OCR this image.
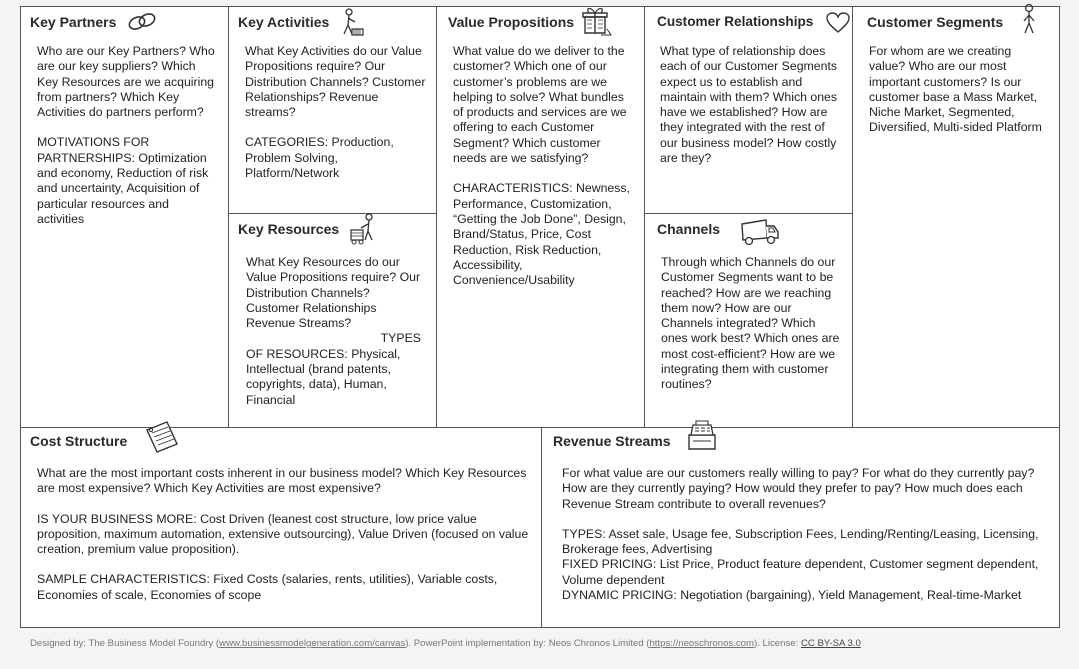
Key Partners

Who are our Key Partners? Who are our key suppliers? Which Key Resources are we acquiring from partners? Which Key Activities do partners perform?

MOTIVATIONS FOR PARTNERSHIPS: Optimization and economy, Reduction of risk and uncertainty, Acquisition of particular resources and activities

Key Activities

What Key Activities do our Value Propositions require? Our Distribution Channels? Customer Relationships? Revenue streams?

CATEGORIES: Production, Problem Solving, Platform/Network

Key Resources
What Key Resources do our Value Propositions require? Our Distribution Channels? Customer Relationships Revenue Streams?
TYPES
OF RESOURCES: Physical, Intellectual (brand patents, copyrights, data), Human, Financial
Value Propositions

What value do we deliver to the customer? Which one of our customer’s problems are we helping to solve? What bundles of products and services are we offering to each Customer Segment? Which customer needs are we satisfying?

CHARACTERISTICS: Newness, Performance, Customization, “Getting the Job Done”, Design, Brand/Status, Price, Cost Reduction, Risk Reduction, Accessibility, Convenience/Usability

Customer Relationships

What type of relationship does each of our Customer Segments expect us to establish and maintain with them? Which ones have we established? How are they integrated with the rest of our business model? How costly are they?

Channels

Through which Channels do our Customer Segments want to be reached? How are we reaching them now? How are our Channels integrated? Which ones work best? Which ones are most cost-efficient? How are we integrating them with customer routines?

Customer Segments

For whom are we creating value? Who are our most important customers? Is our customer base a Mass Market, Niche Market, Segmented, Diversified, Multi-sided Platform

Cost Structure

What are the most important costs inherent in our business model? Which Key Resources are most expensive? Which Key Activities are most expensive?

IS YOUR BUSINESS MORE: Cost Driven (leanest cost structure, low price value proposition, maximum automation, extensive outsourcing), Value Driven (focused on value creation, premium value proposition).

SAMPLE CHARACTERISTICS: Fixed Costs (salaries, rents, utilities), Variable costs, Economies of scale, Economies of scope

Revenue Streams

For what value are our customers really willing to pay? For what do they currently pay? How are they currently paying? How would they prefer to pay? How much does each Revenue Stream contribute to overall revenues?

TYPES: Asset sale, Usage fee, Subscription Fees, Lending/Renting/Leasing, Licensing, Brokerage fees, Advertising
FIXED PRICING: List Price, Product feature dependent, Customer segment dependent, Volume dependent
DYNAMIC PRICING: Negotiation (bargaining), Yield Management, Real-time-Market
Designed by: The Business Model Foundry (www.businessmodelgeneration.com/canvas). PowerPoint implementation by: Neos Chronos Limited (https://neoschronos.com). License: CC BY-SA 3.0
